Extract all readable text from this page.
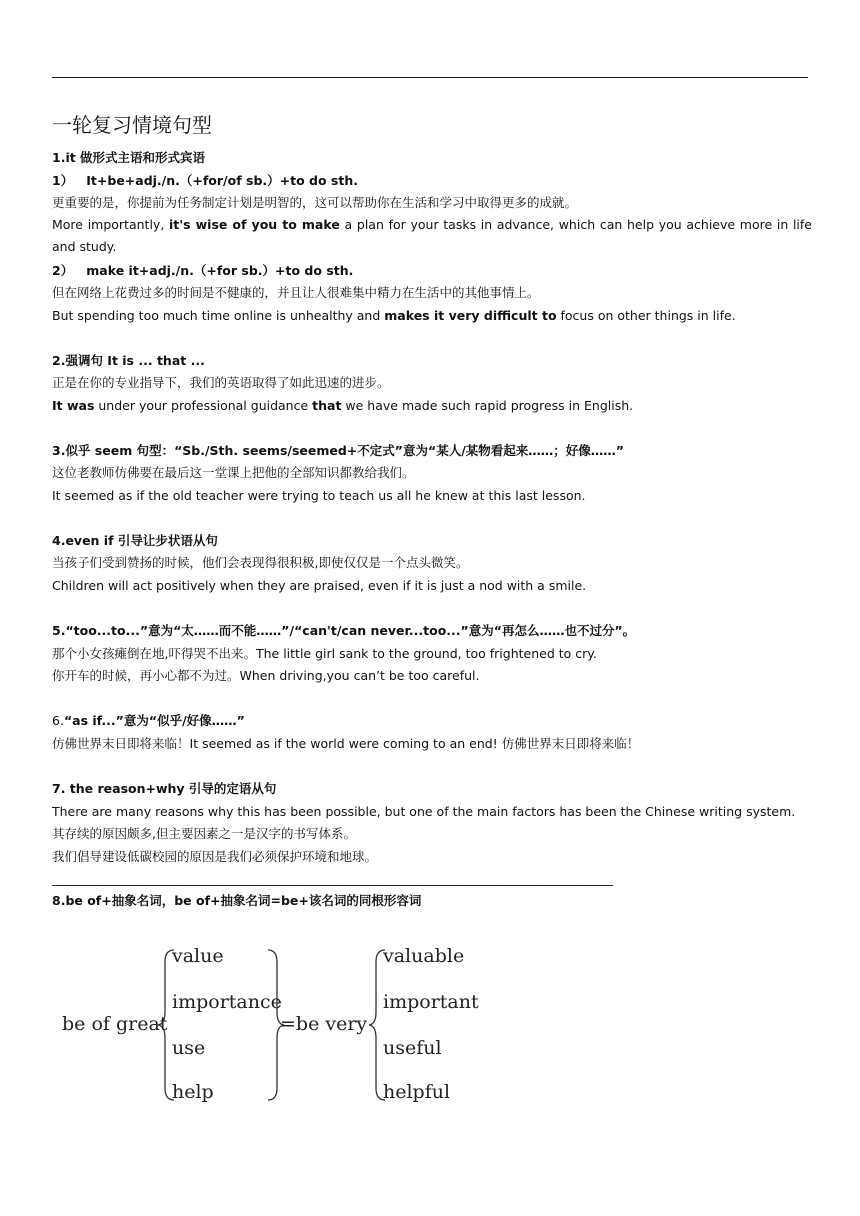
一轮复习情境句型
1.it 做形式主语和形式宾语
1） It+be+adj./n.（+for/of sb.）+to do sth.
更重要的是，你提前为任务制定计划是明智的，这可以帮助你在生活和学习中取得更多的成就。
More importantly, it's wise of you to make a plan for your tasks in advance, which can help you achieve more in life and study.
2） make it+adj./n.（+for sb.）+to do sth.
但在网络上花费过多的时间是不健康的，并且让人很难集中精力在生活中的其他事情上。
But spending too much time online is unhealthy and makes it very difficult to focus on other things in life.
2.强调句 It is ... that ...
正是在你的专业指导下，我们的英语取得了如此迅速的进步。
It was under your professional guidance that we have made such rapid progress in English.
3.似乎 seem 句型：“Sb./Sth. seems/seemed+不定式”意为“某人/某物看起来……；好像……”
这位老教师仿佛要在最后这一堂课上把他的全部知识都教给我们。
It seemed as if the old teacher were trying to teach us all he knew at this last lesson.
4.even if 引导让步状语从句
当孩子们受到赞扬的时候，他们会表现得很积极,即使仅仅是一个点头微笑。
Children will act positively when they are praised, even if it is just a nod with a smile.
5.“too...to...”意为“太……而不能……”/“can't/can never...too...”意为“再怎么……也不过分”。
那个小女孩瘫倒在地,吓得哭不出来。The little girl sank to the ground, too frightened to cry.
你开车的时候，再小心都不为过。When driving,you can’t be too careful.
6.“as if...”意为“似乎/好像……”
仿佛世界末日即将来临！It seemed as if the world were coming to an end! 仿佛世界末日即将来临！
7. the reason+why 引导的定语从句
There are many reasons why this has been possible, but one of the main factors has been the Chinese writing system.
其存续的原因颇多,但主要因素之一是汉字的书写体系。
我们倡导建设低碳校园的原因是我们必须保护环境和地球。
________________________________________________________________________________________________________________
8.be of+抽象名词，be of+抽象名词=be+该名词的同根形容词
be of great
value
importance
use
help
=be very
valuable
important
useful
helpful
